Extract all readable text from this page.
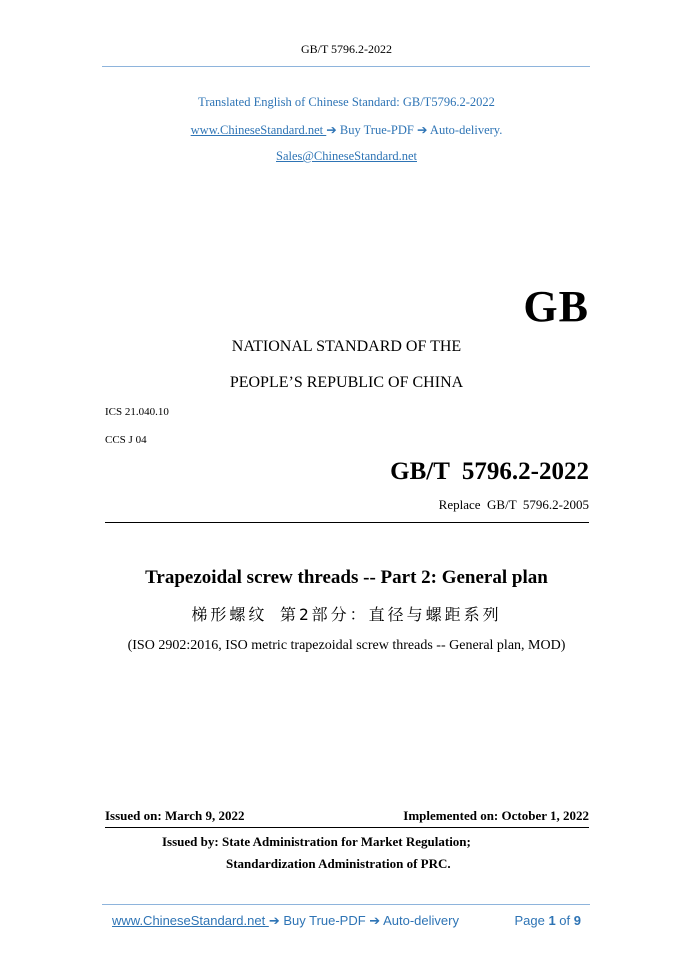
GB/T 5796.2-2022
Translated English of Chinese Standard: GB/T5796.2-2022
www.ChineseStandard.net ➔ Buy True-PDF ➔ Auto-delivery.
Sales@ChineseStandard.net
GB
NATIONAL STANDARD OF THE
PEOPLE’S REPUBLIC OF CHINA
ICS 21.040.10
CCS J 04
GB/T  5796.2-2022
Replace  GB/T  5796.2-2005
Trapezoidal screw threads -- Part 2: General plan
梯形螺纹 第2部分：直径与螺距系列
(ISO 2902:2016, ISO metric trapezoidal screw threads -- General plan, MOD)
Issued on: March 9, 2022	Implemented on: October 1, 2022
Issued by: State Administration for Market Regulation;
Standardization Administration of PRC.
www.ChineseStandard.net ➔ Buy True-PDF ➔ Auto-delivery	Page 1 of 9
